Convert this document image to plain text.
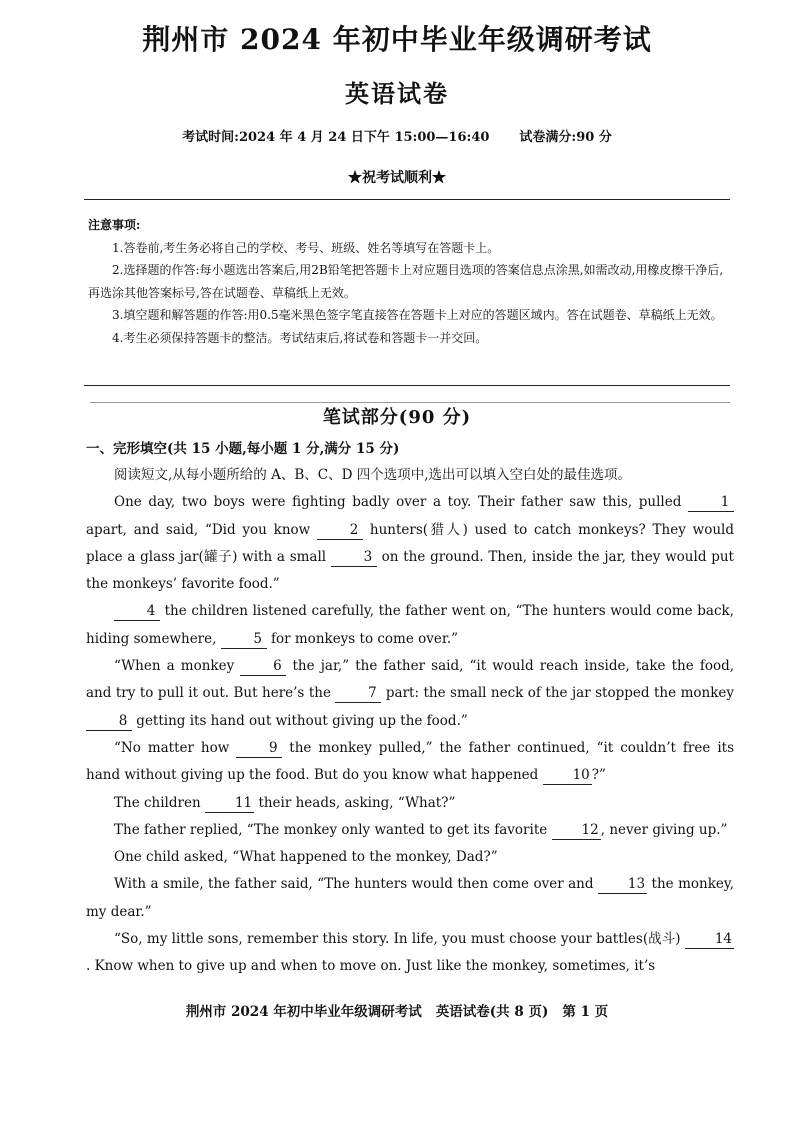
荆州市 2024 年初中毕业年级调研考试
英语试卷
考试时间:2024 年 4 月 24 日下午 15:00—16:40 试卷满分:90 分
★祝考试顺利★
注意事项:

1.答卷前,考生务必将自己的学校、考号、班级、姓名等填写在答题卡上。

2.选择题的作答:每小题选出答案后,用2B铅笔把答题卡上对应题目选项的答案信息点涂黑,如需改动,用橡皮擦干净后,再选涂其他答案标号,答在试题卷、草稿纸上无效。

3.填空题和解答题的作答:用0.5毫米黑色签字笔直接答在答题卡上对应的答题区域内。答在试题卷、草稿纸上无效。

4.考生必须保持答题卡的整洁。考试结束后,将试卷和答题卡一并交回。

笔试部分(90 分)
一、完形填空(共 15 小题,每小题 1 分,满分 15 分)

阅读短文,从每小题所给的 A、B、C、D 四个选项中,选出可以填入空白处的最佳选项。

One day, two boys were fighting badly over a toy. Their father saw this, pulled	1 apart, and said, “Did you know	2 hunters(猎人) used to catch monkeys? They would place a glass jar(罐子) with a small	3 on the ground. Then, inside the jar, they would put the monkeys’ favorite food.”

4 the children listened carefully, the father went on, “The hunters would come back, hiding somewhere,	5 for monkeys to come over.”

“When a monkey	6 the jar,” the father said, “it would reach inside, take the food, and try to pull it out. But here’s the	7 part: the small neck of the jar stopped the monkey 8 getting its hand out without giving up the food.”

“No matter how	9 the monkey pulled,” the father continued, “it couldn’t free its hand without giving up the food. But do you know what happened	10 ?”

The children	11 their heads, asking, “What?”

The father replied, “The monkey only wanted to get its favorite	12 , never giving up.”

One child asked, “What happened to the monkey, Dad?”

With a smile, the father said, “The hunters would then come over and	13 the monkey, my dear.”

“So, my little sons, remember this story. In life, you must choose your battles(战斗)	14. Know when to give up and when to move on. Just like the monkey, sometimes, it’s

荆州市 2024 年初中毕业年级调研考试 英语试卷(共 8 页) 第 1 页
